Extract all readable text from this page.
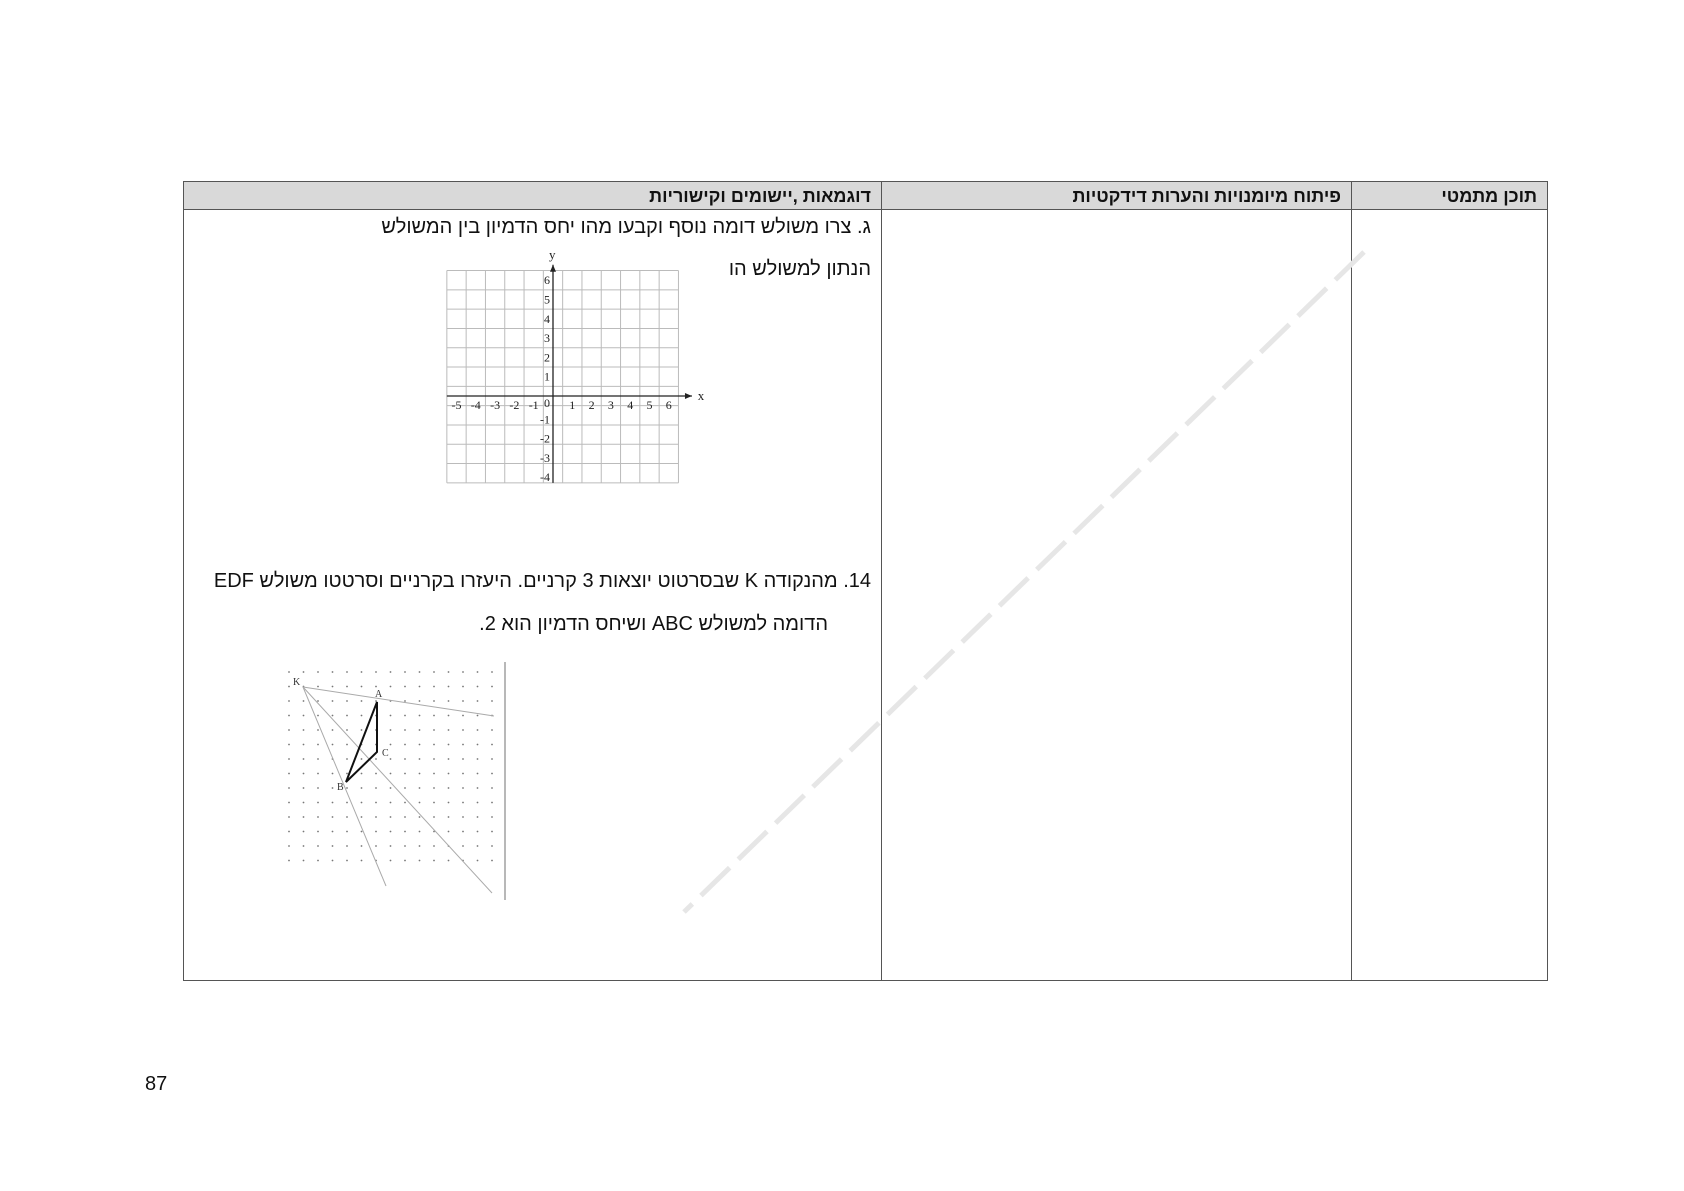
תוכן מתמטי
פיתוח מיומנויות והערות דידקטיות
דוגמאות ,יישומים וקישוריות
ג. צרו משולש דומה נוסף וקבעו מהו יחס הדמיון בין המשולש
הנתון למשולש הו
x
y
-5 -4 -3 -2 -1	1 2 3 4 5 6
6
5
4
3
2
1
-1
-2
-3
-4
0
14. מהנקודה K שבסרטוט יוצאות 3 קרניים. היעזרו בקרניים וסרטטו משולש EDF
הדומה למשולש ABC ושיחס הדמיון הוא 2.
K
A
B
C
87
